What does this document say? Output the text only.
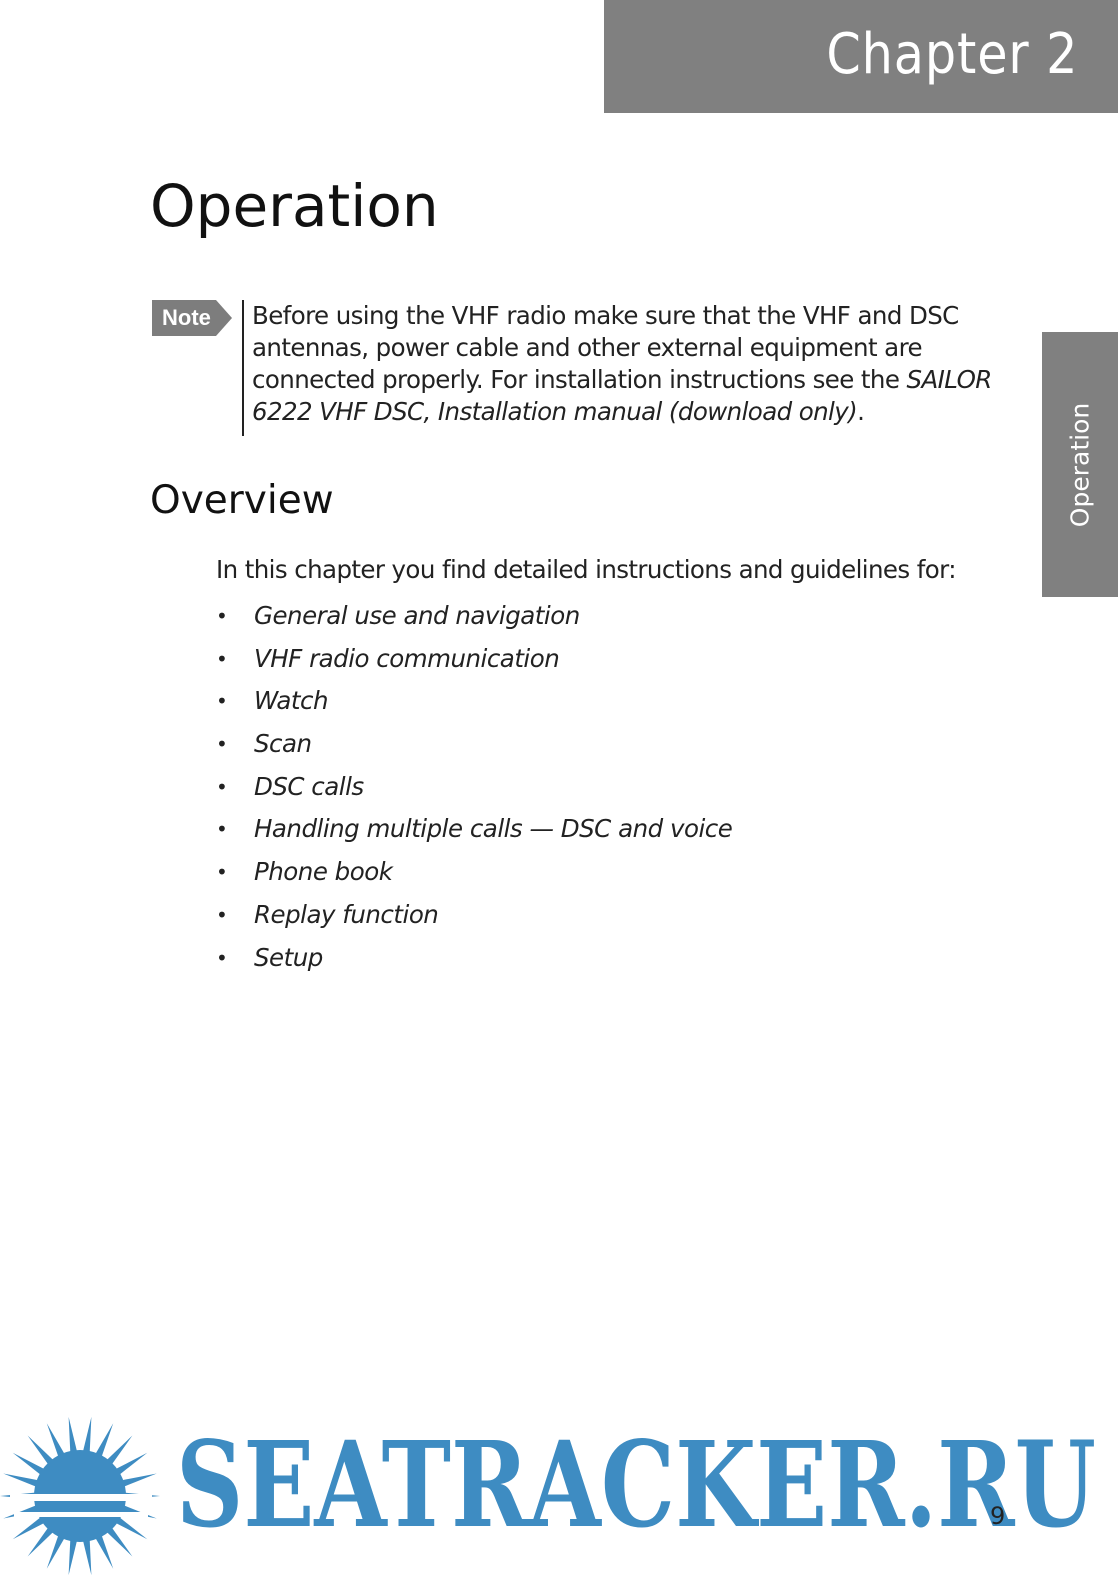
Chapter 2
Operation
Operation
Note Before using the VHF radio make sure that the VHF and DSC antennas, power cable and other external equipment are connected properly. For installation instructions see the SAILOR 6222 VHF DSC, Installation manual (download only).

Overview

In this chapter you find detailed instructions and guidelines for:

• General use and navigation
• VHF radio communication
• Watch
• Scan
• DSC calls
• Handling multiple calls — DSC and voice
• Phone book
• Replay function
• Setup
SEATRACKER.RU
9
